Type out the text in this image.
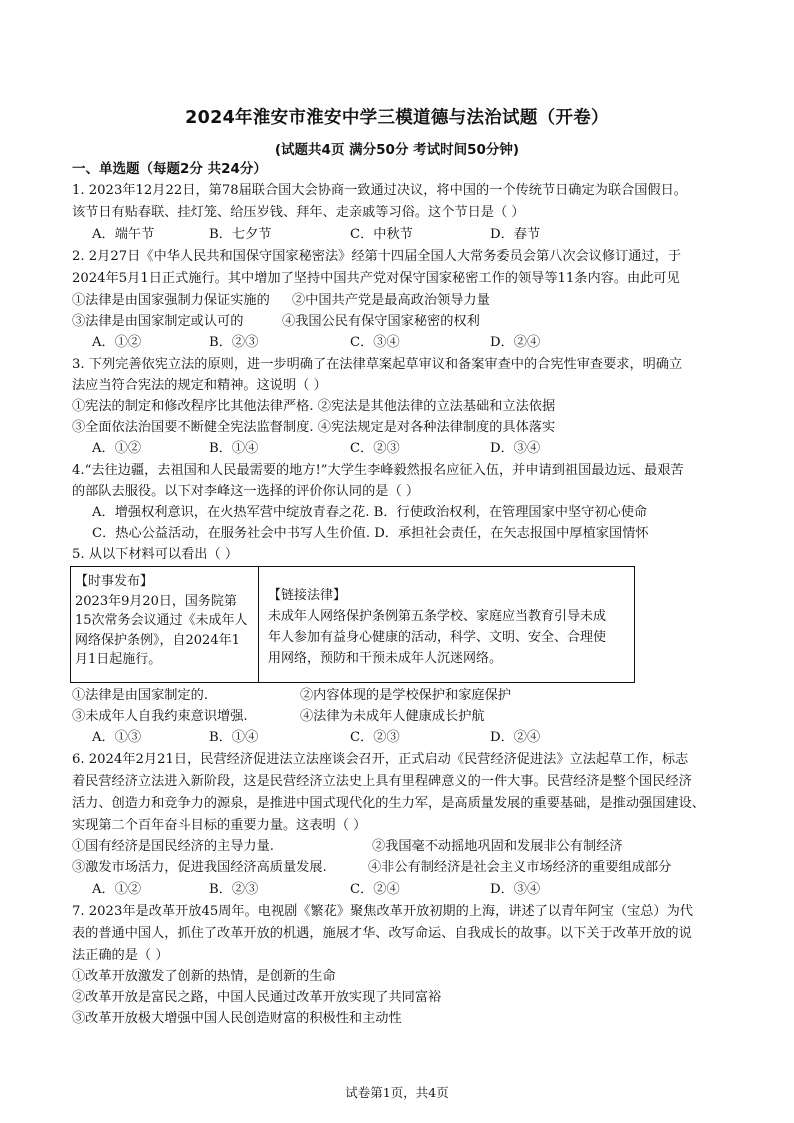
2024年淮安市淮安中学三模道德与法治试题（开卷）
(试题共4页 满分50分 考试时间50分钟)
一、单选题（每题2分 共24分）
1. 2023年12月22日，第78届联合国大会协商一致通过决议，将中国的一个传统节日确定为联合国假日。
该节日有贴春联、挂灯笼、给压岁钱、拜年、走亲戚等习俗。这个节日是（ ）
A．端午节	B．七夕节	C．中秋节	D．春节
2. 2月27日《中华人民共和国保守国家秘密法》经第十四届全国人大常务委员会第八次会议修订通过，于
2024年5月1日正式施行。其中增加了坚持中国共产党对保守国家秘密工作的领导等11条内容。由此可见
①法律是由国家强制力保证实施的 ②中国共产党是最高政治领导力量
③法律是由国家制定或认可的	④我国公民有保守国家秘密的权利
A．①②	B．②③	C．③④	D．②④
3. 下列完善依宪立法的原则，进一步明确了在法律草案起草审议和备案审查中的合宪性审查要求，明确立
法应当符合宪法的规定和精神。这说明（ ）
①宪法的制定和修改程序比其他法律严格. ②宪法是其他法律的立法基础和立法依据
③全面依法治国要不断健全宪法监督制度. ④宪法规定是对各种法律制度的具体落实
A．①②	B．①④	C．②③	D．③④
4.“去往边疆，去祖国和人民最需要的地方!”大学生李峰毅然报名应征入伍，并申请到祖国最边远、最艰苦
的部队去服役。以下对李峰这一选择的评价你认同的是（ ）
A．增强权利意识，在火热军营中绽放青春之花. B．行使政治权利，在管理国家中坚守初心使命
C．热心公益活动，在服务社会中书写人生价值. D．承担社会责任，在矢志报国中厚植家国情怀
5. 从以下材料可以看出（ ）
【时事发布】
2023年9月20日，国务院第
15次常务会议通过《未成年人
网络保护条例》，自2024年1
月1日起施行。
【链接法律】
未成年人网络保护条例第五条学校、家庭应当教育引导未成
年人参加有益身心健康的活动，科学、文明、安全、合理使
用网络，预防和干预未成年人沉迷网络。
①法律是由国家制定的.	②内容体现的是学校保护和家庭保护
③未成年人自我约束意识增强.	④法律为未成年人健康成长护航
A．①③	B．①④	C．②③	D．②④
6. 2024年2月21日，民营经济促进法立法座谈会召开，正式启动《民营经济促进法》立法起草工作，标志
着民营经济立法进入新阶段，这是民营经济立法史上具有里程碑意义的一件大事。民营经济是整个国民经济
活力、创造力和竞争力的源泉，是推进中国式现代化的生力军，是高质量发展的重要基础，是推动强国建设、
实现第二个百年奋斗目标的重要力量。这表明（ ）
①国有经济是国民经济的主导力量.	②我国毫不动摇地巩固和发展非公有制经济
③激发市场活力，促进我国经济高质量发展.	④非公有制经济是社会主义市场经济的重要组成部分
A．①②	B．②③	C．②④	D．③④
7. 2023年是改革开放45周年。电视剧《繁花》聚焦改革开放初期的上海，讲述了以青年阿宝（宝总）为代
表的普通中国人，抓住了改革开放的机遇，施展才华、改写命运、自我成长的故事。以下关于改革开放的说
法正确的是（ ）
①改革开放激发了创新的热情，是创新的生命
②改革开放是富民之路，中国人民通过改革开放实现了共同富裕
③改革开放极大增强中国人民创造财富的积极性和主动性
试卷第1页，共4页
